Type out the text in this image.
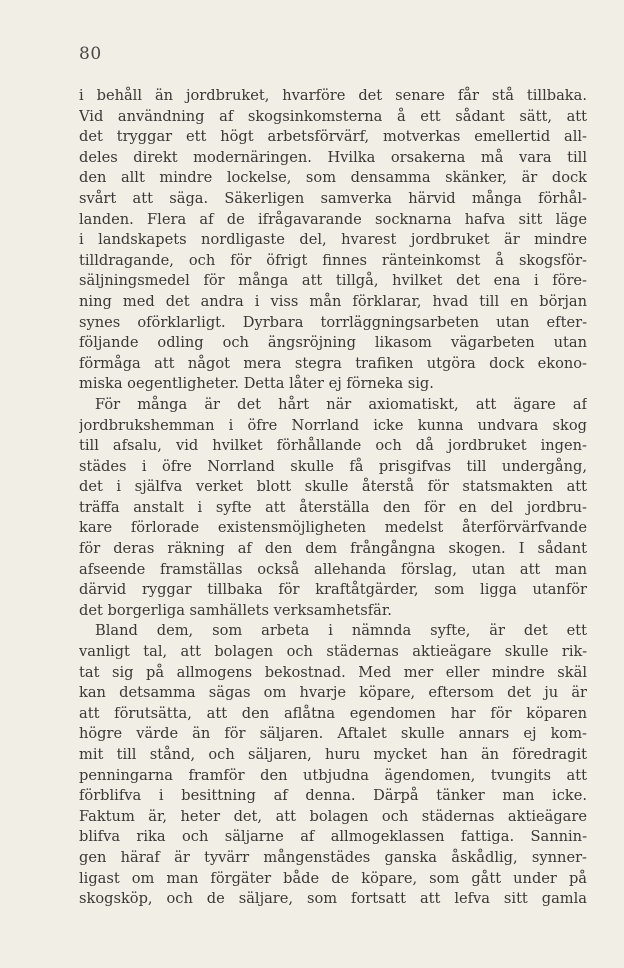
80
i behåll än jordbruket, hvarföre det senare får stå tillbaka.
Vid användning af skogsinkomsterna å ett sådant sätt, att
det tryggar ett högt arbetsförvärf, motverkas emellertid all-
deles direkt modernäringen. Hvilka orsakerna må vara till
den allt mindre lockelse, som densamma skänker, är dock
svårt att säga. Säkerligen samverka härvid många förhål-
landen. Flera af de ifrågavarande socknarna hafva sitt läge
i landskapets nordligaste del, hvarest jordbruket är mindre
tilldragande, och för öfrigt finnes ränteinkomst å skogsför-
säljningsmedel för många att tillgå, hvilket det ena i före-
ning med det andra i viss mån förklarar, hvad till en början
synes oförklarligt. Dyrbara torrläggningsarbeten utan efter-
följande odling och ängsröjning likasom vägarbeten utan
förmåga att något mera stegra trafiken utgöra dock ekono-
miska oegentligheter. Detta låter ej förneka sig.
För många är det hårt när axiomatiskt, att ägare af
jordbrukshemman i öfre Norrland icke kunna undvara skog
till afsalu, vid hvilket förhållande och då jordbruket ingen-
städes i öfre Norrland skulle få prisgifvas till undergång,
det i själfva verket blott skulle återstå för statsmakten att
träffa anstalt i syfte att återställa den för en del jordbru-
kare förlorade existensmöjligheten medelst återförvärfvande
för deras räkning af den dem frångångna skogen. I sådant
afseende framställas också allehanda förslag, utan att man
därvid ryggar tillbaka för kraftåtgärder, som ligga utanför
det borgerliga samhällets verksamhetsfär.
Bland dem, som arbeta i nämnda syfte, är det ett
vanligt tal, att bolagen och städernas aktieägare skulle rik-
tat sig på allmogens bekostnad. Med mer eller mindre skäl
kan detsamma sägas om hvarje köpare, eftersom det ju är
att förutsätta, att den aflåtna egendomen har för köparen
högre värde än för säljaren. Aftalet skulle annars ej kom-
mit till stånd, och säljaren, huru mycket han än föredragit
penningarna framför den utbjudna ägendomen, tvungits att
förblifva i besittning af denna. Därpå tänker man icke.
Faktum är, heter det, att bolagen och städernas aktieägare
blifva rika och säljarne af allmogeklassen fattiga. Sannin-
gen häraf är tyvärr mångenstädes ganska åskådlig, synner-
ligast om man förgäter både de köpare, som gått under på
skogsköp, och de säljare, som fortsatt att lefva sitt gamla
